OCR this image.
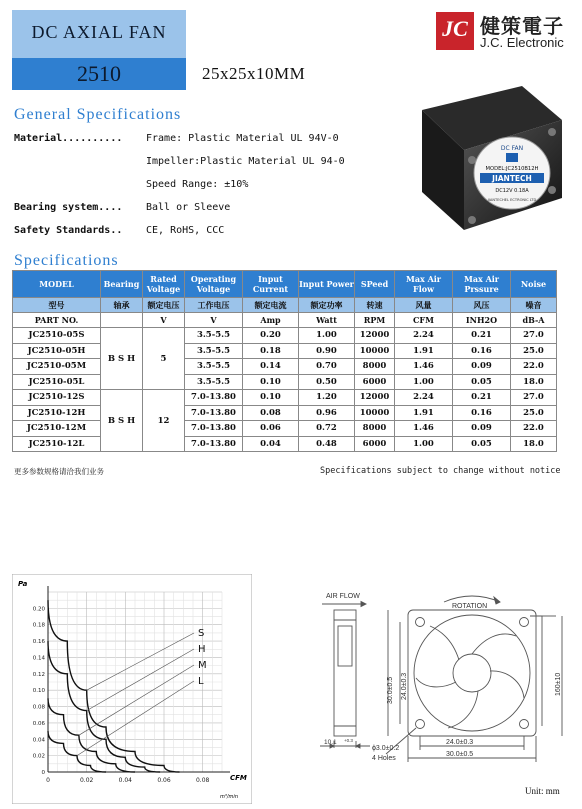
DC AXIAL FAN
2510	25x25x10MM
JC 健策電子
J.C. Electronic
General Specifications
Material.......... Frame: Plastic Material UL 94V-0
Impeller:Plastic Material UL 94-0
Speed Range: ±10%
Bearing system.... Ball or Sleeve
Safety Standards.. CE, RoHS, CCC
DC FAN
MODEL:JC2510B12H
JIANTECH
DC12V 0.18A
JIANTECHEL ECTRONIC LTD
Specifications
MODEL	Bearing	Rated Voltage	Operating Voltage	Input Current	Input Power	SPeed	Max Air Flow	Max Air Prssure	Noise
型号	轴承	额定电压	工作电压	额定电流	额定功率	转速	风量	风压	噪音
PART NO.		V	V	Amp	Watt	RPM	CFM	INH2O	dB-A
JC2510-05S	B S H	5	3.5-5.5	0.20	1.00	12000	2.24	0.21	27.0
JC2510-05H			3.5-5.5	0.18	0.90	10000	1.91	0.16	25.0
JC2510-05M			3.5-5.5	0.14	0.70	8000	1.46	0.09	22.0
JC2510-05L			3.5-5.5	0.10	0.50	6000	1.00	0.05	18.0
JC2510-12S	B S H	12	7.0-13.80	0.10	1.20	12000	2.24	0.21	27.0
JC2510-12H			7.0-13.80	0.08	0.96	10000	1.91	0.16	25.0
JC2510-12M			7.0-13.80	0.06	0.72	8000	1.46	0.09	22.0
JC2510-12L			7.0-13.80	0.04	0.48	6000	1.00	0.05	18.0
更多参数规格请洽我们业务	Specifications subject to change without notice
0.20
0.18
0.16
0.14
0.12
0.10
0.08
0.06
0.04
0.02
0
0	0.02	0.04	0.06	0.08
S
H
M
L
Pa
CFM
m³/min
AIR FLOW
ROTATION
10.1 +0.3
ϕ3.0±0.2
4 Holes
24.0±0.3
30.0±0.5
30.0±0.5 24.0±0.3	160±10
Unit: mm
